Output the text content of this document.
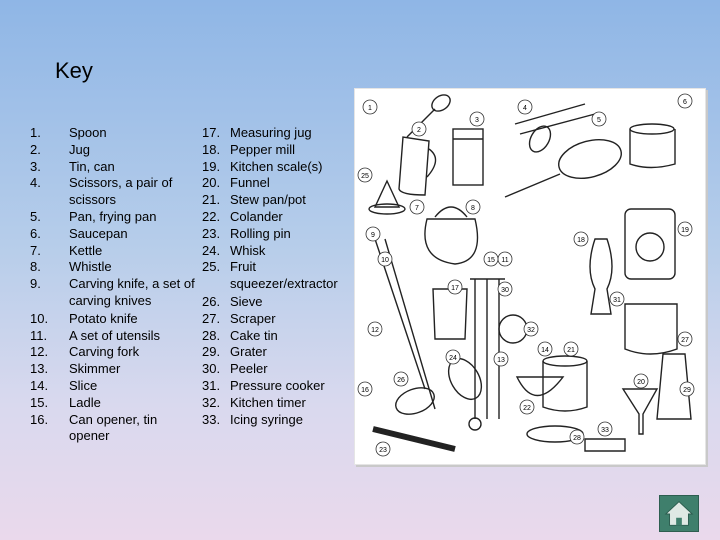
Key
1.	Spoon
2.	Jug
3.	Tin, can
4.	Scissors, a pair of scissors
5.	Pan, frying pan
6.	Saucepan
7.	Kettle
8.	Whistle
9.	Carving knife, a set of carving knives
10.	Potato knife
11.	A set of utensils
12.	Carving fork
13.	Skimmer
14.	Slice
15.	Ladle
16.	Can opener, tin opener
17. Measuring jug
18. Pepper mill
19. Kitchen scale(s)
20. Funnel
21. Stew pan/pot
22. Colander
23. Rolling pin
24. Whisk
25. Fruit squeezer/extractor
26. Sieve
27. Scraper
28. Cake tin
29. Grater
30. Peeler
31. Pressure cooker
32. Kitchen timer
33. Icing syringe
1
2
3
4
5
6
7	8
9
10	11
12
13
14
15
16
17
18
19
20
21
22
23
24
25
26
27
28
29
30
31
32
33
